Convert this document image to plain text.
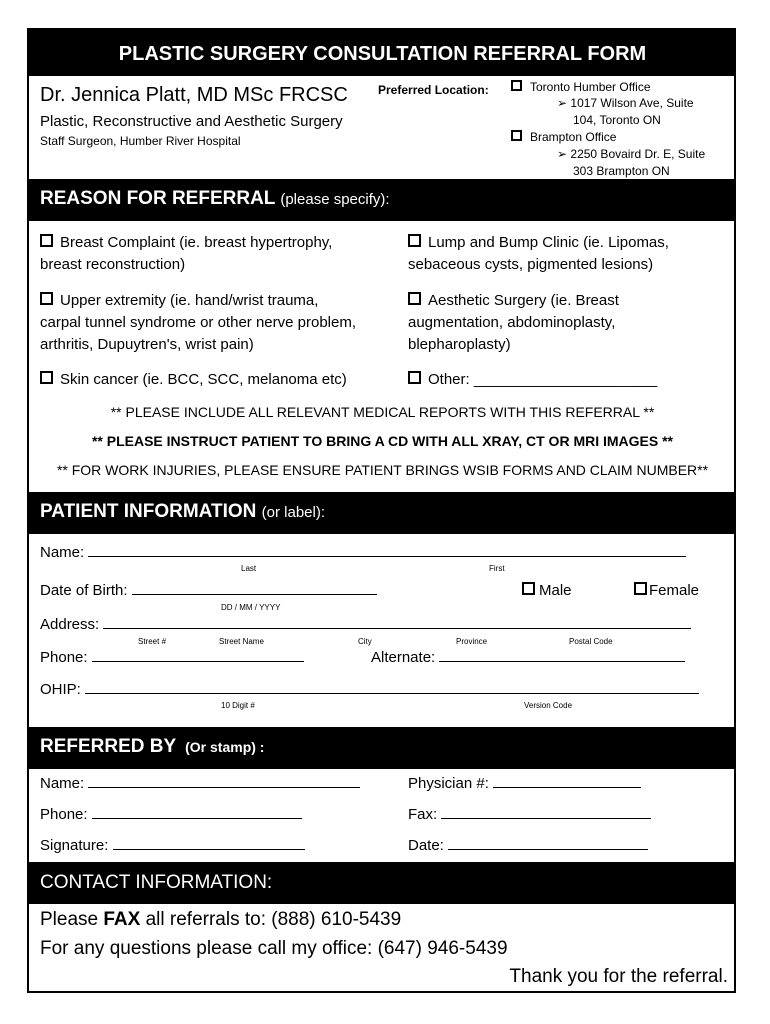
PLASTIC SURGERY CONSULTATION REFERRAL FORM
Dr. Jennica Platt, MD MSc FRCSC
Plastic, Reconstructive and Aesthetic Surgery
Staff Surgeon, Humber River Hospital
Preferred Location:	Toronto Humber Office
➢ 1017 Wilson Ave, Suite
104, Toronto ON
Brampton Office
➢ 2250 Bovaird Dr. E, Suite
303 Brampton ON
REASON FOR REFERRAL (please specify):
Breast Complaint (ie. breast hypertrophy,
breast reconstruction)
Lump and Bump Clinic (ie. Lipomas,
sebaceous cysts, pigmented lesions)
Upper extremity (ie. hand/wrist trauma,
carpal tunnel syndrome or other nerve problem,
arthritis, Dupuytren's, wrist pain)
Aesthetic Surgery (ie. Breast
augmentation, abdominoplasty,
blepharoplasty)
Skin cancer (ie. BCC, SCC, melanoma etc)	Other: ______________________
** PLEASE INCLUDE ALL RELEVANT MEDICAL REPORTS WITH THIS REFERRAL **
** PLEASE INSTRUCT PATIENT TO BRING A CD WITH ALL XRAY, CT OR MRI IMAGES **
** FOR WORK INJURIES, PLEASE ENSURE PATIENT BRINGS WSIB FORMS AND CLAIM NUMBER**
PATIENT INFORMATION (or label):
Name:
Last	First
Date of Birth:
DD / MM / YYYY
Male	Female
Address:
Street #	Street Name	City	Province	Postal Code
Phone:	Alternate:
OHIP:
10 Digit #	Version Code
REFERRED BY (Or stamp) :
Name:	Physician #:
Phone:	Fax:
Signature:	Date:
CONTACT INFORMATION:
Please FAX all referrals to: (888) 610-5439
For any questions please call my office: (647) 946-5439
Thank you for the referral.
